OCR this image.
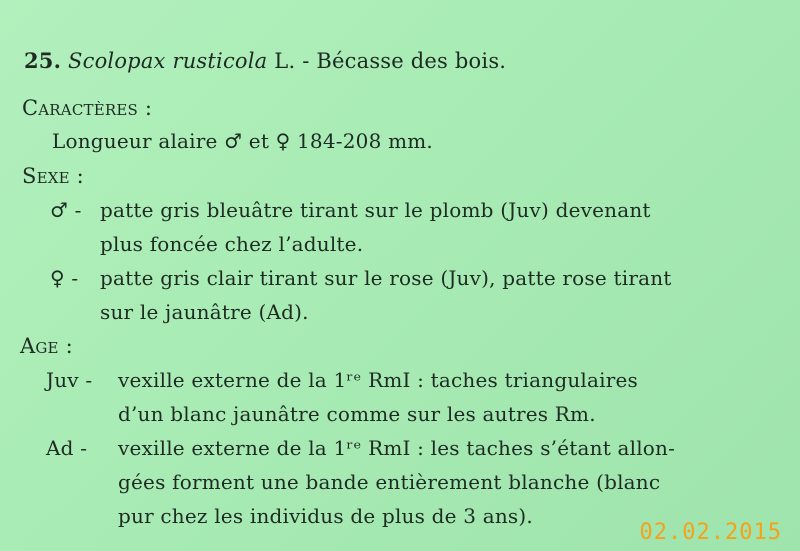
25. Scolopax rusticola L. - Bécasse des bois.
Caractères :
Longueur alaire ♂ et ♀ 184-208 mm.
Sexe :
♂ - patte gris bleuâtre tirant sur le plomb (Juv) devenant
plus foncée chez l’adulte.
♀ - patte gris clair tirant sur le rose (Juv), patte rose tirant
sur le jaunâtre (Ad).
Age :
Juv - vexille externe de la 1ʳᵉ RmI : taches triangulaires
d’un blanc jaunâtre comme sur les autres Rm.
Ad - vexille externe de la 1ʳᵉ RmI : les taches s’étant allon-
gées forment une bande entièrement blanche (blanc
pur chez les individus de plus de 3 ans).
02.02.2015
